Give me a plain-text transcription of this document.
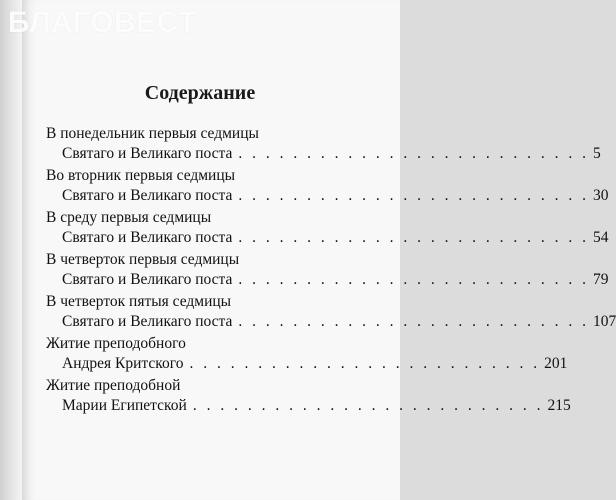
Содержание
В понедельник первыя седмицы
Святаго и Великаго поста . . . . . . . . . . . . . . . . . . . . . . . . . . 5
Во вторник первыя седмицы
Святаго и Великаго поста . . . . . . . . . . . . . . . . . . . . . . . . . . 30
В среду первыя седмицы
Святаго и Великаго поста . . . . . . . . . . . . . . . . . . . . . . . . . . 54
В четверток первыя седмицы
Святаго и Великаго поста . . . . . . . . . . . . . . . . . . . . . . . . . . 79
В четверток пятыя седмицы
Святаго и Великаго поста . . . . . . . . . . . . . . . . . . . . . . . . . . 107
Житие преподобного
Андрея Критского . . . . . . . . . . . . . . . . . . . . . . . . . . 201
Житие преподобной
Марии Египетской . . . . . . . . . . . . . . . . . . . . . . . . . . 215
БЛАГОВЕСТ
